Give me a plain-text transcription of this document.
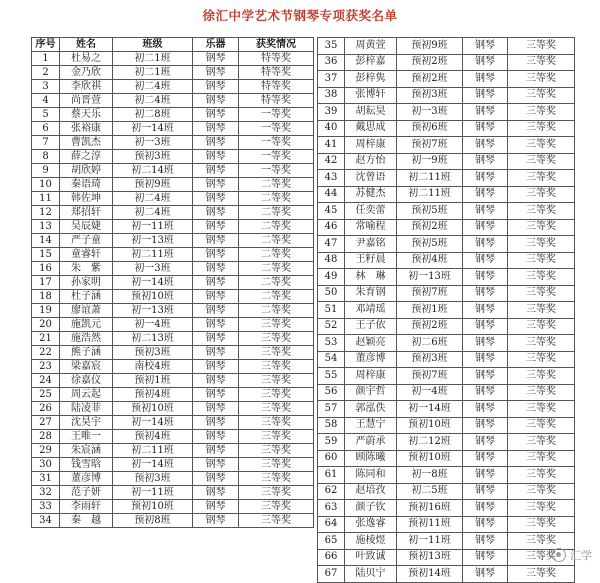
徐汇中学艺术节钢琴专项获奖名单
序号	姓名	班级	乐器	获奖情况
1	杜易之	初二1班	钢琴	特等奖
2	金乃欣	初二1班	钢琴	特等奖
3	李欣祺	初二4班	钢琴	特等奖
4	尚晋萱	初二4班	钢琴	特等奖
5	蔡天乐	初二8班	钢琴	一等奖
6	张裕康	初一14班	钢琴	一等奖
7	曹凯杰	初一3班	钢琴	一等奖
8	薛之淳	预初3班	钢琴	一等奖
9	胡欣婷	初二14班	钢琴	一等奖
10	秦语琦	预初9班	钢琴	二等奖
11	韩佐坤	初二4班	钢琴	二等奖
12	郑招轩	初二4班	钢琴	二等奖
13	吴辰婕	初一11班	钢琴	二等奖
14	严子童	初一13班	钢琴	二等奖
15	童睿轩	初二11班	钢琴	二等奖
16	朱　紫	初一3班	钢琴	二等奖
17	孙家明	初一14班	钢琴	二等奖
18	杜子涵	预初10班	钢琴	二等奖
19	廖谊萧	初一13班	钢琴	二等奖
20	施凯元	初一4班	钢琴	三等奖
21	施浩然	初二13班	钢琴	三等奖
22	熊子涵	预初3班	钢琴	三等奖
23	梁嘉宸	南校4班	钢琴	三等奖
24	徐嘉仪	预初1班	钢琴	三等奖
25	周云起	预初4班	钢琴	三等奖
26	陆凌菲	预初10班	钢琴	三等奖
27	沈昊宇	初一14班	钢琴	三等奖
28	王唯一	预初4班	钢琴	三等奖
29	朱宸涵	初二11班	钢琴	三等奖
30	钱雪晗	初一14班	钢琴	三等奖
31	董彦博	预初3班	钢琴	三等奖
32	范子妍	初一11班	钢琴	三等奖
33	李雨轩	预初10班	钢琴	三等奖
34	秦　越	预初8班	钢琴	三等奖
35	周黄萱	预初9班	钢琴	三等奖
36	彭梓嘉	预初2班	钢琴	三等奖
37	彭梓隽	预初2班	钢琴	三等奖
38	张博轩	预初3班	钢琴	三等奖
39	胡耘昊	初一3班	钢琴	三等奖
40	戴思成	预初6班	钢琴	三等奖
41	周梓康	预初7班	钢琴	三等奖
42	赵方怡	初一9班	钢琴	三等奖
43	沈曾语	初二11班	钢琴	三等奖
44	苏健杰	初二11班	钢琴	三等奖
45	任奕蕾	预初5班	钢琴	三等奖
46	常喻程	预初2班	钢琴	三等奖
47	尹嘉铭	预初5班	钢琴	三等奖
48	王籽晨	预初4班	钢琴	三等奖
49	林　琳	初一13班	钢琴	三等奖
50	朱育钢	预初7班	钢琴	三等奖
51	邓靖瑶	预初1班	钢琴	三等奖
52	王子依	预初2班	钢琴	三等奖
53	赵颖亮	初二6班	钢琴	三等奖
54	董彦博	预初3班	钢琴	三等奖
55	周梓康	预初7班	钢琴	三等奖
56	颜宇哲	初一4班	钢琴	三等奖
57	郭泓佚	初一14班	钢琴	三等奖
58	王慧宁	预初10班	钢琴	三等奖
59	严蔚承	初二12班	钢琴	三等奖
60	顾陈曦	预初10班	钢琴	三等奖
61	陈同和	初一8班	钢琴	三等奖
62	赵培孜	初二5班	钢琴	三等奖
63	颜子钦	预初16班	钢琴	三等奖
64	张逸睿	预初11班	钢琴	三等奖
65	施棱煜	初一11班	钢琴	三等奖
66	叶致诚	预初13班	钢琴	三等奖
67	陆贝宁	预初14班	钢琴	三等奖
汇学
